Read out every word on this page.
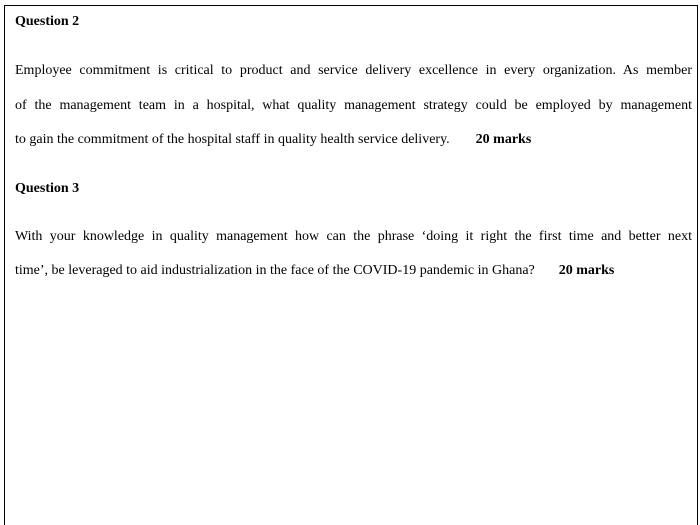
Question 2
Employee commitment is critical to product and service delivery excellence in every organization. As member
of the management team in a hospital, what quality management strategy could be employed by management
to gain the commitment of the hospital staff in quality health service delivery. 20 marks
Question 3
With your knowledge in quality management how can the phrase ‘doing it right the first time and better next
time’, be leveraged to aid industrialization in the face of the COVID-19 pandemic in Ghana? 20 marks
